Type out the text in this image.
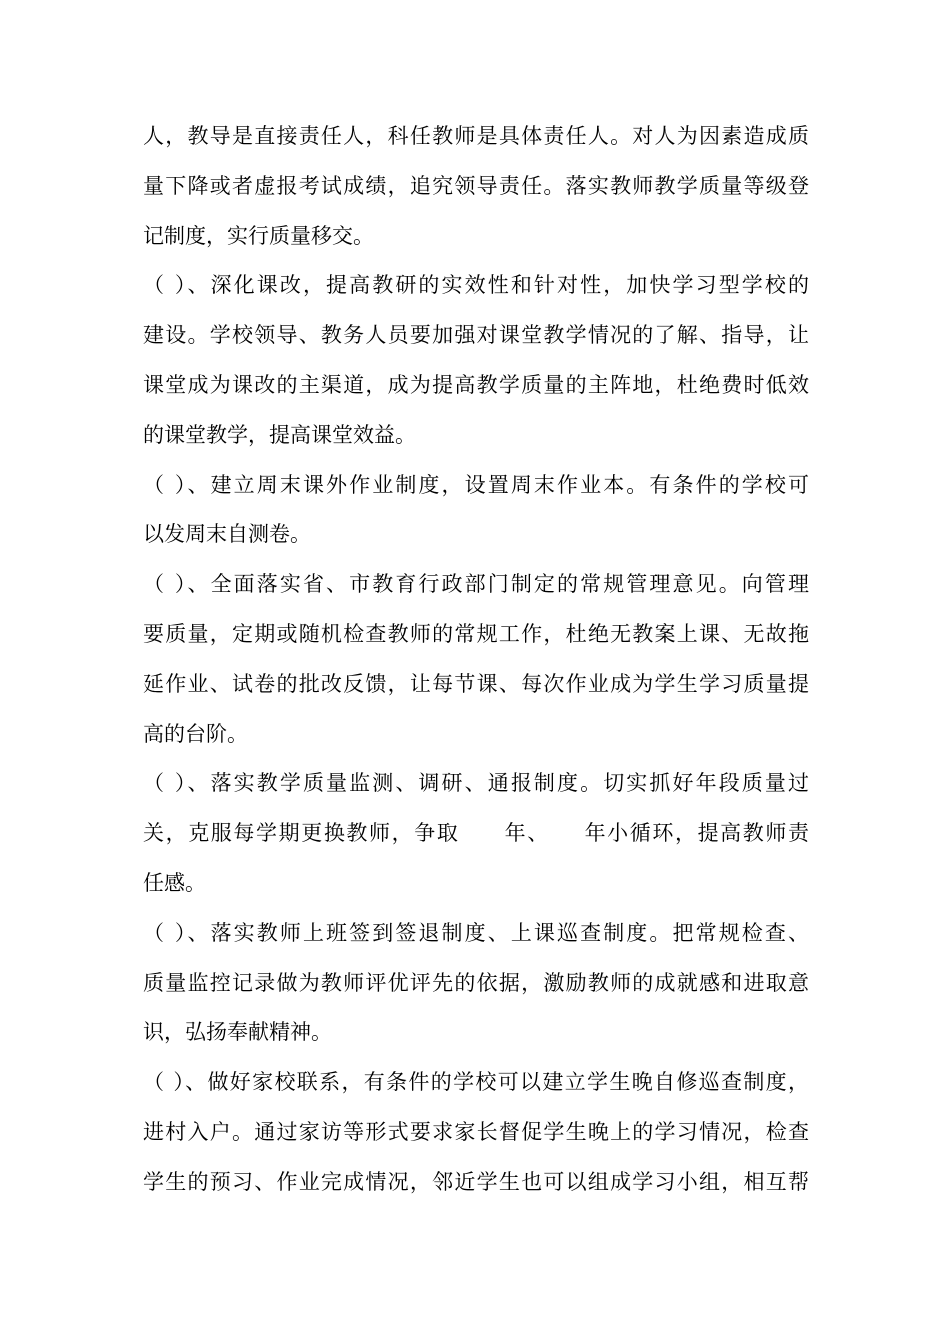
人，教导是直接责任人，科任教师是具体责任人。对人为因素造成质
量下降或者虚报考试成绩，追究领导责任。落实教师教学质量等级登
记制度，实行质量移交。
（ ）、深化课改，提高教研的实效性和针对性，加快学习型学校的
建设。学校领导、教务人员要加强对课堂教学情况的了解、指导，让
课堂成为课改的主渠道，成为提高教学质量的主阵地，杜绝费时低效
的课堂教学，提高课堂效益。
（ ）、建立周末课外作业制度，设置周末作业本。有条件的学校可
以发周末自测卷。
（ ）、全面落实省、市教育行政部门制定的常规管理意见。向管理
要质量，定期或随机检查教师的常规工作，杜绝无教案上课、无故拖
延作业、试卷的批改反馈，让每节课、每次作业成为学生学习质量提
高的台阶。
（ ）、落实教学质量监测、调研、通报制度。切实抓好年段质量过
关，克服每学期更换教师，争取　　年、　　年小循环，提高教师责
任感。
（ ）、落实教师上班签到签退制度、上课巡查制度。把常规检查、
质量监控记录做为教师评优评先的依据，激励教师的成就感和进取意
识，弘扬奉献精神。
（ ）、做好家校联系，有条件的学校可以建立学生晚自修巡查制度，
进村入户。通过家访等形式要求家长督促学生晚上的学习情况，检查
学生的预习、作业完成情况，邻近学生也可以组成学习小组，相互帮
